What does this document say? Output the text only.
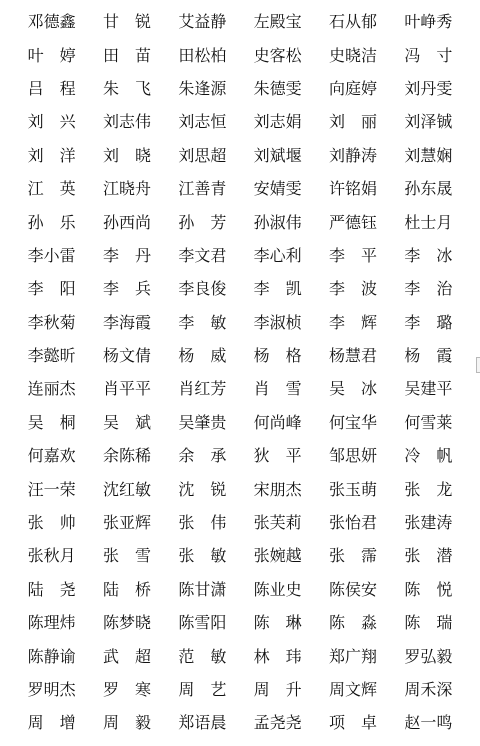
邓德鑫	甘　锐	艾益静	左殿宝	石从郁	叶峥秀
叶　婷	田　苗	田松柏	史客松	史晓洁	冯　寸
吕　程	朱　飞	朱逢源	朱德雯	向庭婷	刘丹雯
刘　兴	刘志伟	刘志恒	刘志娟	刘　丽	刘泽铖
刘　洋	刘　晓	刘思超	刘斌堰	刘静涛	刘慧娴
江　英	江晓舟	江善青	安婧雯	许铭娟	孙东晟
孙　乐	孙西尚	孙　芳	孙淑伟	严德钰	杜士月
李小雷	李　丹	李文君	李心利	李　平	李　冰
李　阳	李　兵	李良俊	李　凯	李　波	李　治
李秋菊	李海霞	李　敏	李淑桢	李　辉	李　璐
李懿昕	杨文倩	杨　威	杨　格	杨慧君	杨　霞
连丽杰	肖平平	肖红芳	肖　雪	吴　冰	吴建平
吴　桐	吴　斌	吴肇贵	何尚峰	何宝华	何雪莱
何嘉欢	余陈稀	余　承	狄　平	邹思妍	冷　帆
汪一荣	沈红敏	沈　锐	宋朋杰	张玉萌	张　龙
张　帅	张亚辉	张　伟	张芙莉	张怡君	张建涛
张秋月	张　雪	张　敏	张婉越	张　霈	张　潜
陆　尧	陆　桥	陈甘潇	陈业史	陈侯安	陈　悦
陈理炜	陈梦晓	陈雪阳	陈　琳	陈　淼	陈　瑞
陈静谕	武　超	范　敏	林　玮	郑广翔	罗弘毅
罗明杰	罗　寒	周　艺	周　升	周文辉	周禾深
周　增	周　毅	郑语晨	孟尧尧	项　卓	赵一鸣
